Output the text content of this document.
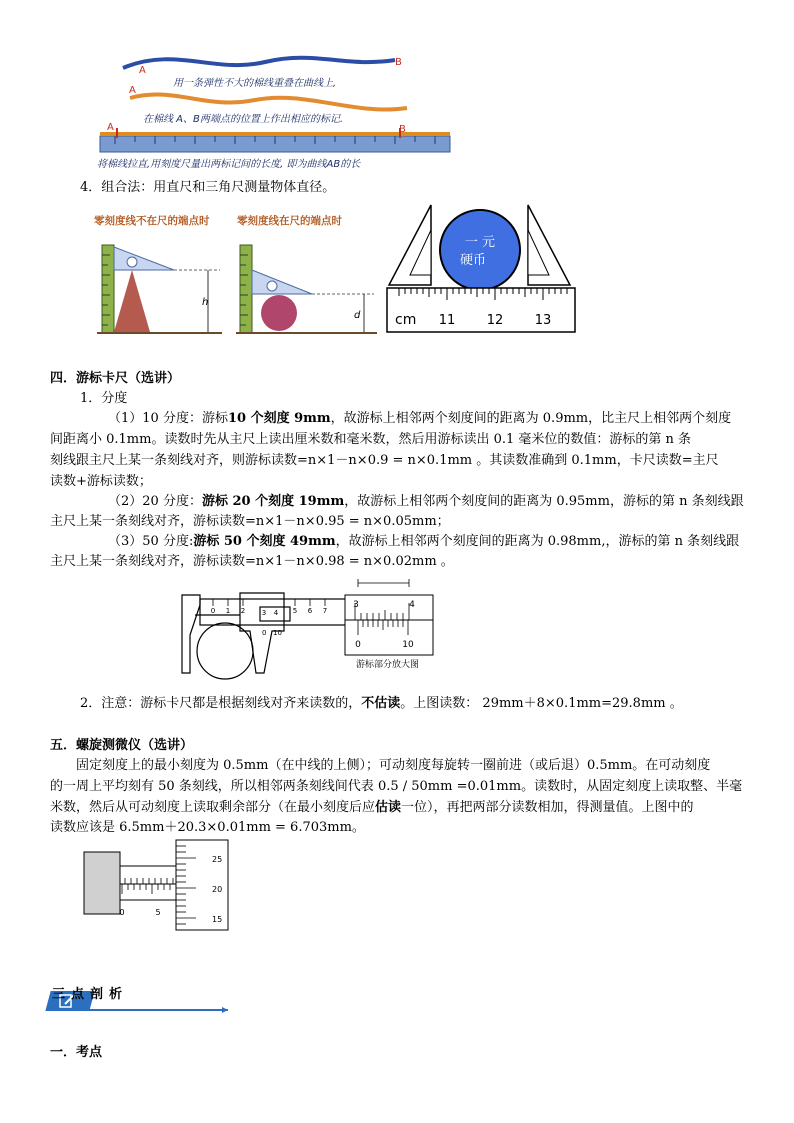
A
B
A
A	B
用一条弹性不大的棉线重叠在曲线上,
在棉线 A、B两端点的位置上作出相应的标记.
将棉线拉直,用刻度尺量出两标记间的长度, 即为曲线AB的长
4．组合法：用直尺和三角尺测量物体直径。
零刻度线不在尺的端点时	零刻度线在尺的端点时
h
d
一 元
硬币
cm 11 12 13
四．游标卡尺（选讲）
1．分度
（1）10 分度：游标10 个刻度 9mm，故游标上相邻两个刻度间的距离为 0.9mm，比主尺上相邻两个刻度
间距离小 0.1mm。读数时先从主尺上读出厘米数和毫米数，然后用游标读出 0.1 毫米位的数值：游标的第 n 条
刻线跟主尺上某一条刻线对齐，则游标读数=n×1－n×0.9 = n×0.1mm 。其读数准确到 0.1mm，卡尺读数=主尺
读数+游标读数；
（2）20 分度：游标 20 个刻度 19mm，故游标上相邻两个刻度间的距离为 0.95mm，游标的第 n 条刻线跟
主尺上某一条刻线对齐，游标读数=n×1－n×0.95 = n×0.05mm；
（3）50 分度:游标 50 个刻度 49mm，故游标上相邻两个刻度间的距离为 0.98mm,，游标的第 n 条刻线跟
主尺上某一条刻线对齐，游标读数=n×1－n×0.98 = n×0.02mm 。
0 1 2 3 4 5 6 7
0 10
3	4
0	10
游标部分放大图
2．注意：游标卡尺都是根据刻线对齐来读数的，不估读。上图读数： 29mm＋8×0.1mm=29.8mm 。
五．螺旋测微仪（选讲）
固定刻度上的最小刻度为 0.5mm（在中线的上侧）；可动刻度每旋转一圈前进（或后退）0.5mm。在可动刻度
的一周上平均刻有 50 条刻线，所以相邻两条刻线间代表 0.5 / 50mm =0.01mm。读数时，从固定刻度上读取整、半毫
米数，然后从可动刻度上读取剩余部分（在最小刻度后应估读一位），再把两部分读数相加，得测量值。上图中的
读数应该是 6.5mm＋20.3×0.01mm = 6.703mm。
0	5
25
20
15
三点剖析
一．考点
